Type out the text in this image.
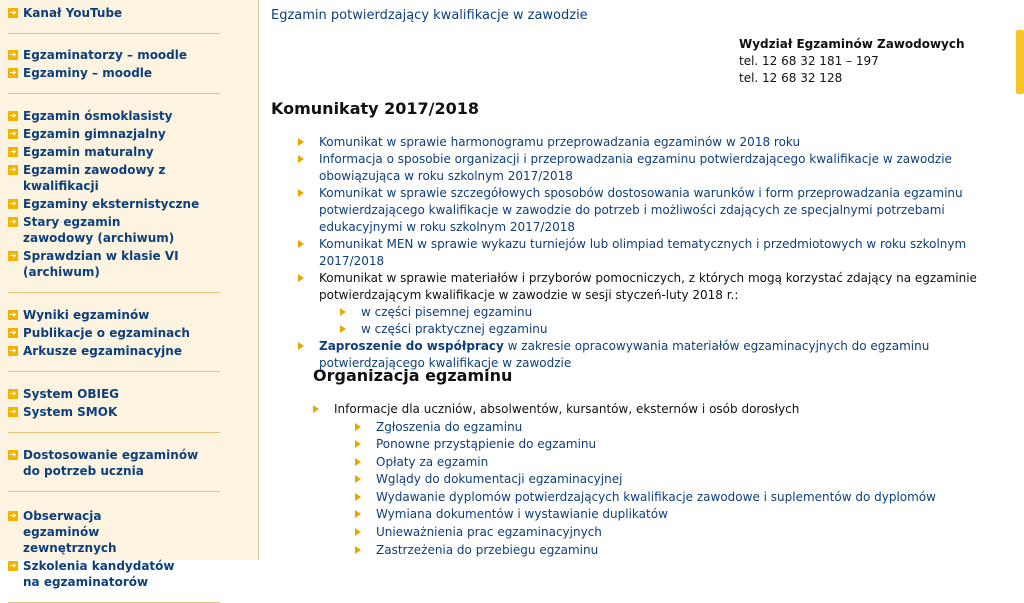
➜ Kanał YouTube
➜ Egzaminatorzy – moodle
➜ Egzaminy – moodle
➜ Egzamin ósmoklasisty
➜ Egzamin gimnazjalny
➜ Egzamin maturalny
➜ Egzamin zawodowy z kwalifikacji
➜ Egzaminy eksternistyczne
➜ Stary egzamin zawodowy (archiwum)
➜ Sprawdzian w klasie VI (archiwum)
➜ Wyniki egzaminów
➜ Publikacje o egzaminach
➜ Arkusze egzaminacyjne
➜ System OBIEG
➜ System SMOK
➜ Dostosowanie egzaminów do potrzeb ucznia
➜ Obserwacja egzaminów zewnętrznych
➜ Szkolenia kandydatów na egzaminatorów
Egzamin potwierdzający kwalifikacje w zawodzie
Wydział Egzaminów Zawodowych
tel. 12 68 32 181 – 197
tel. 12 68 32 128
Komunikaty 2017/2018
Komunikat w sprawie harmonogramu przeprowadzania egzaminów w 2018 roku
Informacja o sposobie organizacji i przeprowadzania egzaminu potwierdzającego kwalifikacje w zawodzie obowiązująca w roku szkolnym 2017/2018
Komunikat w sprawie szczegółowych sposobów dostosowania warunków i form przeprowadzania egzaminu potwierdzającego kwalifikacje w zawodzie do potrzeb i możliwości zdających ze specjalnymi potrzebami edukacyjnymi w roku szkolnym 2017/2018
Komunikat MEN w sprawie wykazu turniejów lub olimpiad tematycznych i przedmiotowych w roku szkolnym 2017/2018
Komunikat w sprawie materiałów i przyborów pomocniczych, z których mogą korzystać zdający na egzaminie potwierdzającym kwalifikacje w zawodzie w sesji styczeń-luty 2018 r.:
w części pisemnej egzaminu
w części praktycznej egzaminu
Zaproszenie do współpracy w zakresie opracowywania materiałów egzaminacyjnych do egzaminu potwierdzającego kwalifikacje w zawodzie
Organizacja egzaminu
Informacje dla uczniów, absolwentów, kursantów, eksternów i osób dorosłych
Zgłoszenia do egzaminu
Ponowne przystąpienie do egzaminu
Opłaty za egzamin
Wglądy do dokumentacji egzaminacyjnej
Wydawanie dyplomów potwierdzających kwalifikacje zawodowe i suplementów do dyplomów
Wymiana dokumentów i wystawianie duplikatów
Unieważnienia prac egzaminacyjnych
Zastrzeżenia do przebiegu egzaminu
